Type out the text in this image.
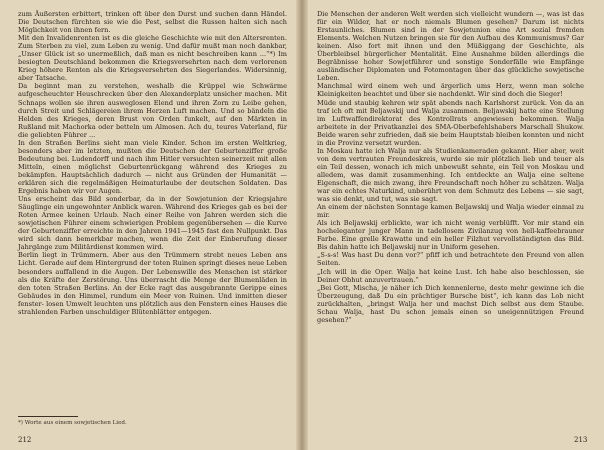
zum Äußersten erbittert, trinken oft über den Durst und suchen dann Händel. Die Deutschen fürchten sie wie die Pest, selbst die Russen halten sich nach Möglichkeit von ihnen fern.
Mit den Invalidenrenten ist es die gleiche Geschichte wie mit den Altersrenten. Zum Sterben zu viel, zum Leben zu wenig. Und dafür mußt man noch dankbar, „Unser Glück ist so unermeßlich, daß man es nicht beschreiben kann ...“*) Im besiegten Deutschland bekommen die Kriegsversehrten nach dem verlorenen Krieg höhere Renten als die Kriegsversehrten des Siegerlandes. Widersinnig, aber Tatsache.

Da beginnt man zu verstehen, weshalb die Krüppel wie Schwärme aufgescheuchter Heuschrecken über den Alexanderplatz unsicher machen. Mit Schnaps wollen sie ihren ausweglosen Elend und ihren Zorn zu Leibe gehen, durch Streit und Schlägereien ihrem Herzen Luft machen. Und so bändeln die Helden des Krieges, deren Brust von Orden funkelt, auf den Märkten in Rußland mit Machorka oder betteln um Almosen. Ach du, teures Vaterland, für die geliebten Führer ...

In den Straßen Berlins sieht man viele Kinder. Schon im ersten Weltkrieg, besonders aber im letzten, mußten die Deutschen der Geburtenziffer große Bedeutung bei. Ludendorff und nach ihm Hitler versuchten seinerzeit mit allen Mitteln, einen möglichst Geburtenrückgang während des Krieges zu bekämpfen. Hauptsächlich dadurch — nicht aus Gründen der Humanität — erklären sich die regelmäßigen Heimaturlaube der deutschen Soldaten. Das Ergebnis haben wir vor Augen.

Uns erscheint das Bild sonderbar, da in der Sowjetunion der Kriegsjahre Säuglinge ein ungewohnter Anblick waren. Während des Krieges gab es bei der Roten Armee keinen Urlaub. Nach einer Reihe von Jahren werden sich die sowjetischen Führer einem schwierigen Problem gegenübersehen — die Kurve der Geburtenziffer erreichte in den Jahren 1941—1945 fast den Nullpunkt. Das wird sich dann bemerkbar machen, wenn die Zeit der Einberufung dieser Jahrgänge zum Militärdienst kommen wird.

Berlin liegt in Trümmern. Aber aus den Trümmern strebt neues Leben ans Licht. Gerade auf dem Hintergrund der toten Ruinen springt dieses neue Leben besonders auffallend in die Augen. Der Lebenswille des Menschen ist stärker als die Kräfte der Zerstörung. Uns überrascht die Menge der Blumenläden in den toten Straßen Berlins. An der Ecke ragt das ausgebrannte Gerippe eines Gebäudes in den Himmel, rundum ein Meer von Ruinen. Und inmitten dieser fenster- losen Umwelt leuchten uns plötzlich aus den Fenstern eines Hauses die strahlenden Farben unschuldiger Blütenblätter entgegen.

*) Worte aus einem sowjetischen Lied.
212

Die Menschen der anderen Welt werden sich vielleicht wundern —, was ist das für ein Wilder, hat er noch niemals Blumen gesehen? Darum ist nichts Erstaunliches. Blumen sind in der Sowjetunion eine Art sozial fremden Elements. Welchen Nutzen bringen sie für den Aufbau des Kommunismus? Gar keinen. Also fort mit ihnen und den Müßiggang der Geschichte, als Überbleibsel bürgerlicher Mentalität. Eine Ausnahme bilden allerdings die Begräbnisse hoher Sowjetführer und sonstige Sonderfälle wie Empfänge ausländischer Diplomaten und Fotomontagen über das glückliche sowjetische Leben.

Manchmal wird einem weh und ärgerlich ums Herz, wenn man solche Kleinigkeiten beachtet und über sie nachdenkt. Wir sind doch die Sieger!

Müde und staubig kehren wir spät abends nach Karlshorst zurück. Von da an traf ich oft mit Beljawskij und Walja zusammen. Beljawskij hatte eine Stellung im Luftwaffendirektorat des Kontrollrats angewiesen bekommen. Walja arbeitete in der Privatkanzlei des SMA-Oberbefehlshabers Marschall Shukow. Beide waren sehr zufrieden, daß sie beim Hauptstab bleiben konnten und nicht in die Provinz versetzt wurden.

In Moskau hatte ich Walja nur als Studienkameraden gekannt. Hier aber, weit von dem vertrauten Freundeskreis, wurde sie mir plötzlich lieb und teuer als ein Teil dessen, wonach ich mich unbewußt sehnte, ein Teil von Moskau und alledem, was damit zusammenhing. Ich entdeckte an Walja eine seltene Eigenschaft, die mich zwang, ihre Freundschaft noch höher zu schätzen. Walja war ein echtes Naturkind, unberührt von dem Schmutz des Lebens — sie sagt, was sie denkt, und tut, was sie sagt.

An einem der nächsten Sonntage kamen Beljawskij und Walja wieder einmal zu mir.

Als ich Beljawskij erblickte, war ich nicht wenig verblüfft. Vor mir stand ein hocheleganter junger Mann in tadellosem Zivilanzug von hell-kaffeebrauner Farbe. Eine grelle Krawatte und ein heller Filzhut vervollständigten das Bild. Bis dahin hatte ich Beljawskij nur in Uniform gesehen.

„S-s-s! Was hast Du denn vor?“ pfiff ich und betrachtete den Freund von allen Seiten.

„Ich will in die Oper. Walja hat keine Lust. Ich habe also beschlossen, sie Deiner Obhut anzuvertrauen.“

„Bei Gott, Mischa, je näher ich Dich kennenlerne, desto mehr gewinne ich die Überzeugung, daß Du ein prächtiger Bursche bist“, ich kann das Lob nicht zurückhalten, „bringst Walja her und machst Dich selbst aus dem Staube. Schau Walja, hast Du schon jemals einen so uneigennützigen Freund gesehen?“

213
